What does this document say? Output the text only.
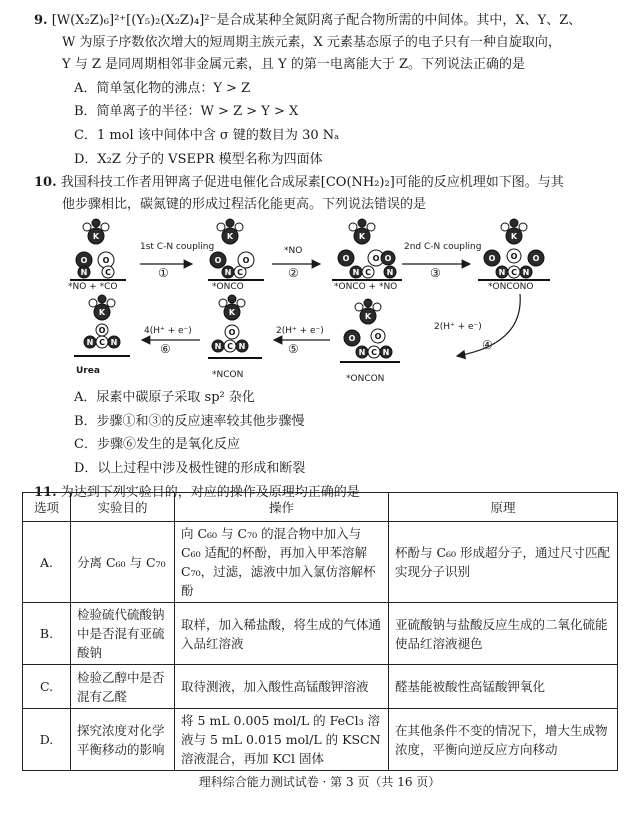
9. [W(X₂Z)₆]²⁺[(Y₅)₂(X₂Z)₄]²⁻是合成某种全氮阴离子配合物所需的中间体。其中，X、Y、Z、
W 为原子序数依次增大的短周期主族元素，X 元素基态原子的电子只有一种自旋取向，
Y 与 Z 是同周期相邻非金属元素，且 Y 的第一电离能大于 Z。下列说法正确的是
A．简单氢化物的沸点：Y > Z
B．简单离子的半径：W > Z > Y > X
C．1 mol 该中间体中含 σ 键的数目为 30 Nₐ
D．X₂Z 分子的 VSEPR 模型名称为四面体
10. 我国科技工作者用钾离子促进电催化合成尿素[CO(NH₂)₂]可能的反应机理如下图。与其
他步骤相比，碳氮键的形成过程活化能更高。下列说法错误的是
K
O
N
O
C
K
O
N C
O
K
O
N C
O O
N
K
O
N C N
O
O
K
O
N C N
O
K
N C N
O
K
N C N
O
1st C-N coupling
①
*NO
②
2nd C-N coupling
③
2(H⁺ + e⁻)
④
2(H⁺ + e⁻)
⑤
4(H⁺ + e⁻)
⑥
*NO + *CO	*ONCO	*ONCO + *NO	*ONCONO
*ONCON
*NCON
Urea
A．尿素中碳原子采取 sp² 杂化
B．步骤①和③的反应速率较其他步骤慢
C．步骤⑥发生的是氧化反应
D．以上过程中涉及极性键的形成和断裂
11. 为达到下列实验目的，对应的操作及原理均正确的是
选项	实验目的	操作	原理
A.	分离 C₆₀ 与 C₇₀	向 C₆₀ 与 C₇₀ 的混合物中加入与 C₆₀ 适配的杯酚，再加入甲苯溶解 C₇₀，过滤，滤液中加入氯仿溶解杯酚	杯酚与 C₆₀ 形成超分子，通过尺寸匹配实现分子识别
B.	检验硫代硫酸钠中是否混有亚硫酸钠	取样，加入稀盐酸，将生成的气体通入品红溶液	亚硫酸钠与盐酸反应生成的二氧化硫能使品红溶液褪色
C.	检验乙醇中是否混有乙醛	取待测液，加入酸性高锰酸钾溶液	醛基能被酸性高锰酸钾氧化
D.	探究浓度对化学平衡移动的影响	将 5 mL 0.005 mol/L 的 FeCl₃ 溶液与 5 mL 0.015 mol/L 的 KSCN 溶液混合，再加 KCl 固体	在其他条件不变的情况下，增大生成物浓度，平衡向逆反应方向移动
理科综合能力测试试卷 · 第 3 页（共 16 页）
